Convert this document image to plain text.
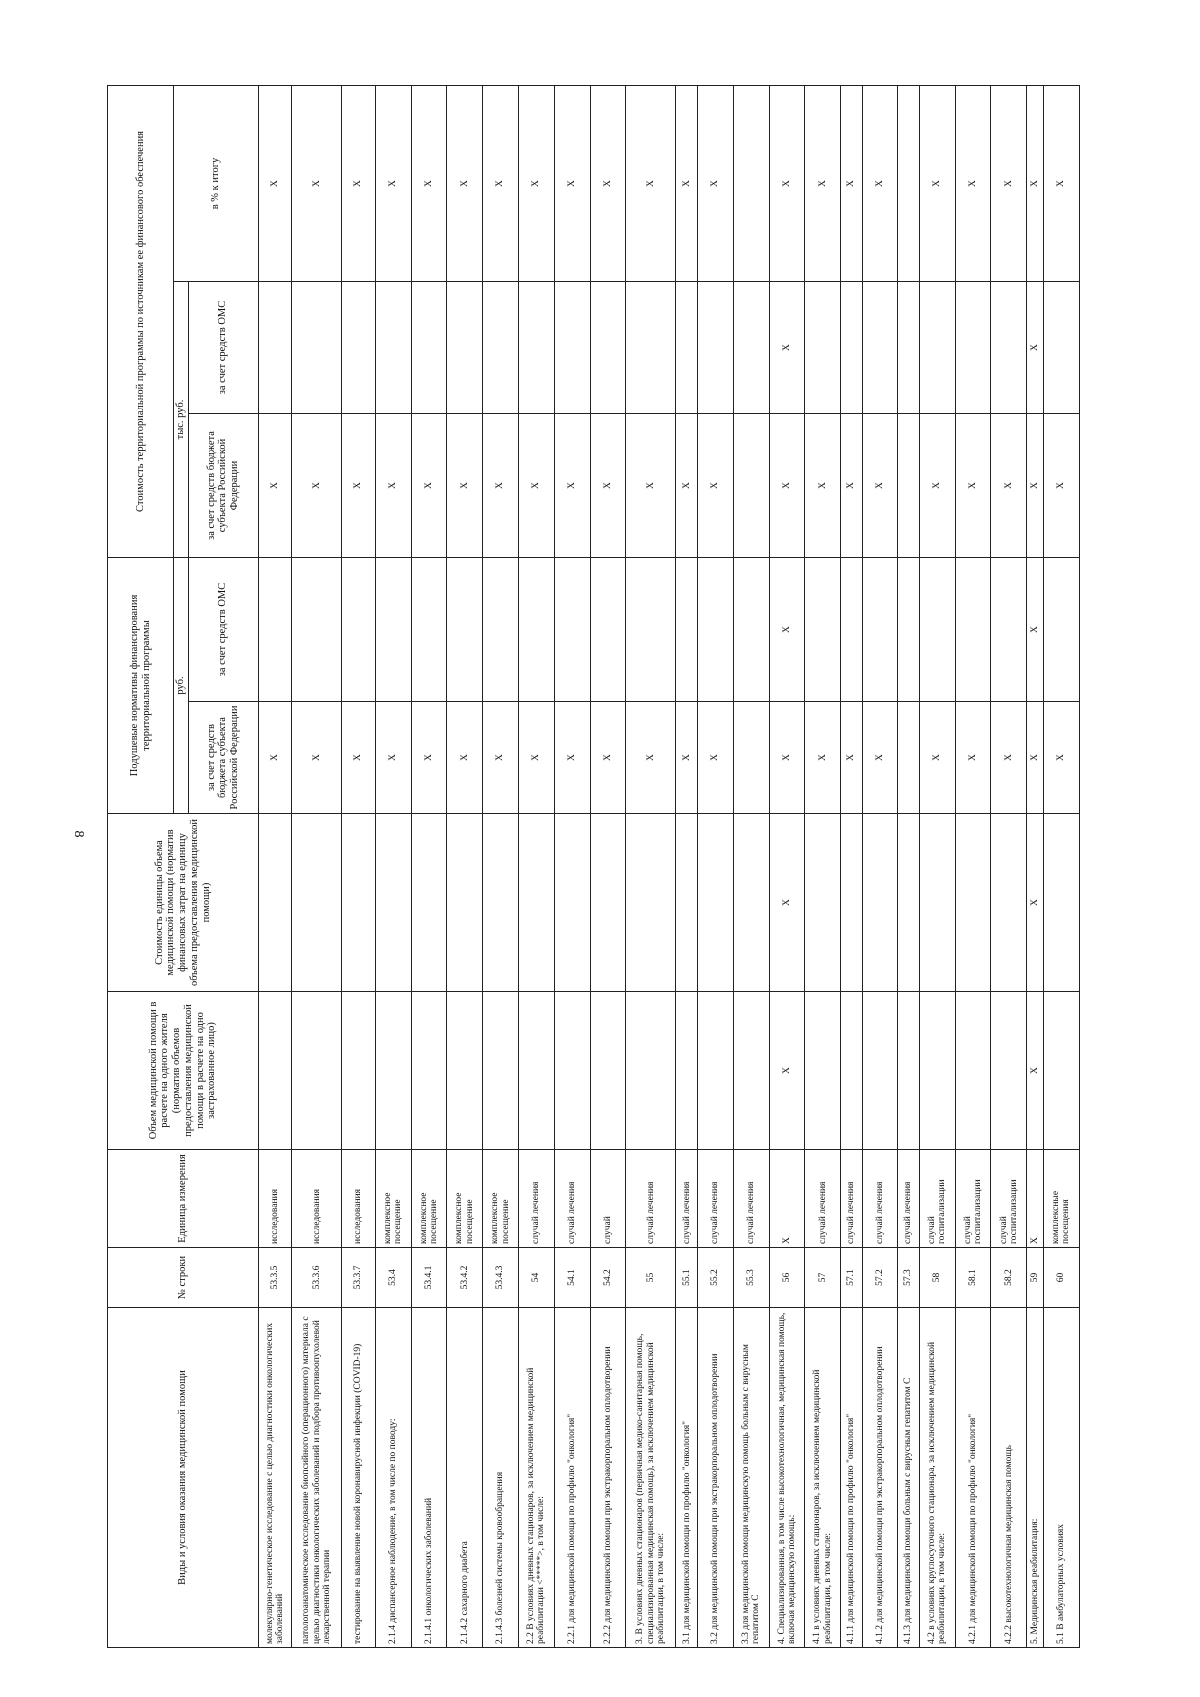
8
Виды и условия оказания медицинской помощи	№ строки	Единица измерения	Объем медицинской помощи в расчете на одного жителя (норматив объемов предоставления медицинской помощи в расчете на одно застрахованное лицо)	Стоимость единицы объема медицинской помощи (норматив финансовых затрат на единицу объема предоставления медицинской помощи)	Подушевые нормативы финансирования территориальной программы		Стоимость территориальной программы по источникам ее финансового обеспечения		
					руб.		тыс. руб.		в % к итогу
					за счет средств бюджета субъекта Российской Федерации	за счет средств ОМС	за счет средств бюджета субъекта Российской Федерации	за счет средств ОМС	
молекулярно-генетическое исследование с целью диагностики онкологических заболеваний	53.3.5	исследования			X		X		X
патологоанатомическое исследование биопсийного (операционного) материала с целью диагностики онкологических заболеваний и подбора противоопухолевой лекарственной терапии	53.3.6	исследования			X		X		X
тестирование на выявление новой коронавирусной инфекции (COVID-19)	53.3.7	исследования			X		X		X
2.1.4 диспансерное наблюдение, в том числе по поводу:	53.4	комплексное посещение			X		X		X
2.1.4.1 онкологических заболеваний	53.4.1	комплексное посещение			X		X		X
2.1.4.2 сахарного диабета	53.4.2	комплексное посещение			X		X		X
2.1.4.3 болезней системы кровообращения	53.4.3	комплексное посещение			X		X		X
2.2 В условиях дневных стационаров, за исключением медицинской реабилитации <*****>, в том числе:	54	случай лечения			X		X		X
2.2.1 для медицинской помощи по профилю "онкология"	54.1	случай лечения			X		X		X
2.2.2 для медицинской помощи при экстракорпоральном оплодотворении	54.2	случай			X		X		X
3. В условиях дневных стационаров (первичная медико-санитарная помощь, специализированная медицинская помощь), за исключением медицинской реабилитации, в том числе:	55	случай лечения			X		X		X
3.1 для медицинской помощи по профилю "онкология"	55.1	случай лечения			X		X		X
3.2 для медицинской помощи при экстракорпоральном оплодотворении	55.2	случай лечения			X		X		X
3.3 для медицинской помощи медицинскую помощь больным с вирусным гепатитом С	55.3	случай лечения							
4. Специализированная, в том числе высокотехнологичная, медицинская помощь, включая медицинскую помощь:	56	X	X	X	X	X	X	X	X
4.1 в условиях дневных стационаров, за исключением медицинской реабилитации, в том числе:	57	случай лечения			X		X		X
4.1.1 для медицинской помощи по профилю "онкология"	57.1	случай лечения			X		X		X
4.1.2 для медицинской помощи при экстракорпоральном оплодотворении	57.2	случай лечения			X		X		X
4.1.3 для медицинской помощи больным с вирусным гепатитом С	57.3	случай лечения							
4.2 в условиях круглосуточного стационара, за исключением медицинской реабилитации, в том числе:	58	случай госпитализации			X		X		X
4.2.1 для медицинской помощи по профилю "онкология"	58.1	случай госпитализации			X		X		X
4.2.2 высокотехнологичная медицинская помощь	58.2	случай госпитализации			X		X		X
5. Медицинская реабилитация:	59	X	X	X	X	X	X	X	X
5.1 В амбулаторных условиях	60	комплексные посещения			X		X		X
